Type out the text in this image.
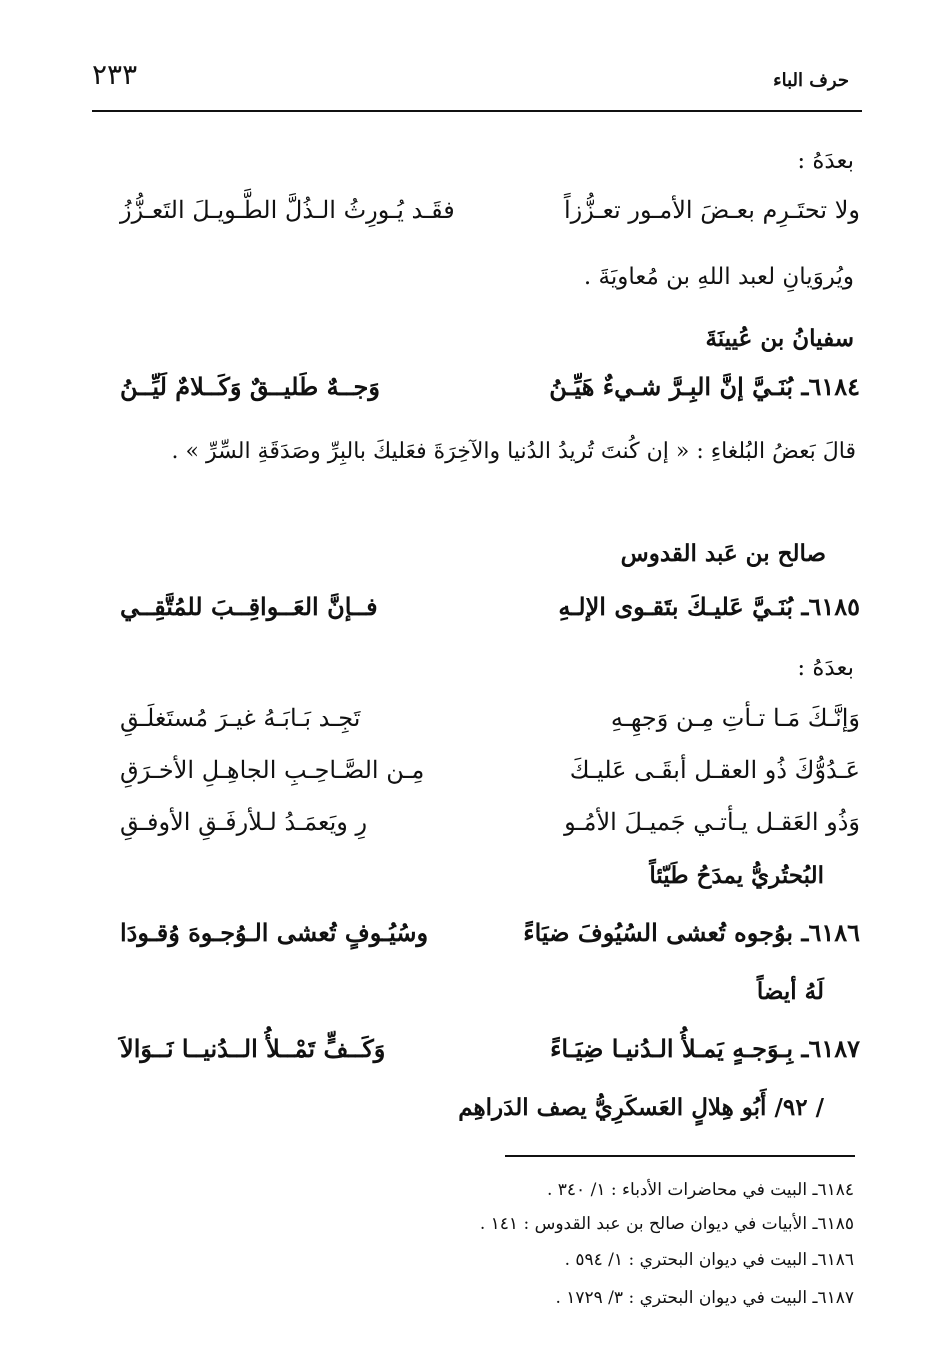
٢٣٣	حرف الباء
بعدَهُ :
ولا تحتَـرِم بعـضَ الأمـور تعـزُّزاً
فقَـد يُـورِثُ الـذُلَّ الطَّـويـلَ التَعـزُّزُ
ويُروَيانِ لعبد اللهِ بن مُعاويَةَ .
سفيانُ بن عُيينَةَ
٦١٨٤ـ بُنَـيَّ إنَّ البِـرَّ شـيءٌ هَيِّـنُ
وَجــهٌ طَليــقٌ وَكَــلامٌ لَيِّــنُ
قالَ بَعضُ البُلغاءِ : « إن كُنتَ تُريدُ الدُنيا والآخِرَةَ فعَليكَ بالبِرِّ وصَدَقَةِ السِّرِّ » .
صالح بن عَبد القدوس
٦١٨٥ـ بُنَـيَّ عَليـكَ بتَقـوى الإلـهِ
فــإنَّ العَــواقِــبَ للمُتَّقِــي
بعدَهُ :
وَإنَّـكَ مَـا تـأتِ مِـن وَجهِـهِ
تَجِـد بَـابَـهُ غيـرَ مُستَغلَـقِ
عَـدُوُّكَ ذُو العقـل أبقَـى عَليـكَ
مِـن الصَّـاحِـبِ الجاهِـلِ الأخـرَقِ
وَذُو العَقـل يـأتـي جَميـلَ الأمُـو
رِ ويَعمَـدُ لـلأرفَـقِ الأوفـقِ
البُحتُريُّ يمدَحُ طَيّئاً
٦١٨٦ـ بوُجوه تُعشى السُيُوفَ ضيَاءً
وسُيُـوفٍ تُعشى الـوُجـوهَ وُقـودَا
لَهُ أيضاً
٦١٨٧ـ بِـوَجـهٍ يَمـلأُ الـدُنيـا ضِيَـاءً
وَكَــفٍّ تَمْــلأُ الــدُنيــا نَــوَالاَ
/ ٩٢/ أَبُو هِلالٍ العَسكَرِيُّ يصف الدَراهِم
٦١٨٤ـ البيت في محاضرات الأدباء : ١/ ٣٤٠ .
٦١٨٥ـ الأبيات في ديوان صالح بن عبد القدوس : ١٤١ .
٦١٨٦ـ البيت في ديوان البحتري : ١/ ٥٩٤ .
٦١٨٧ـ البيت في ديوان البحتري : ٣/ ١٧٢٩ .
